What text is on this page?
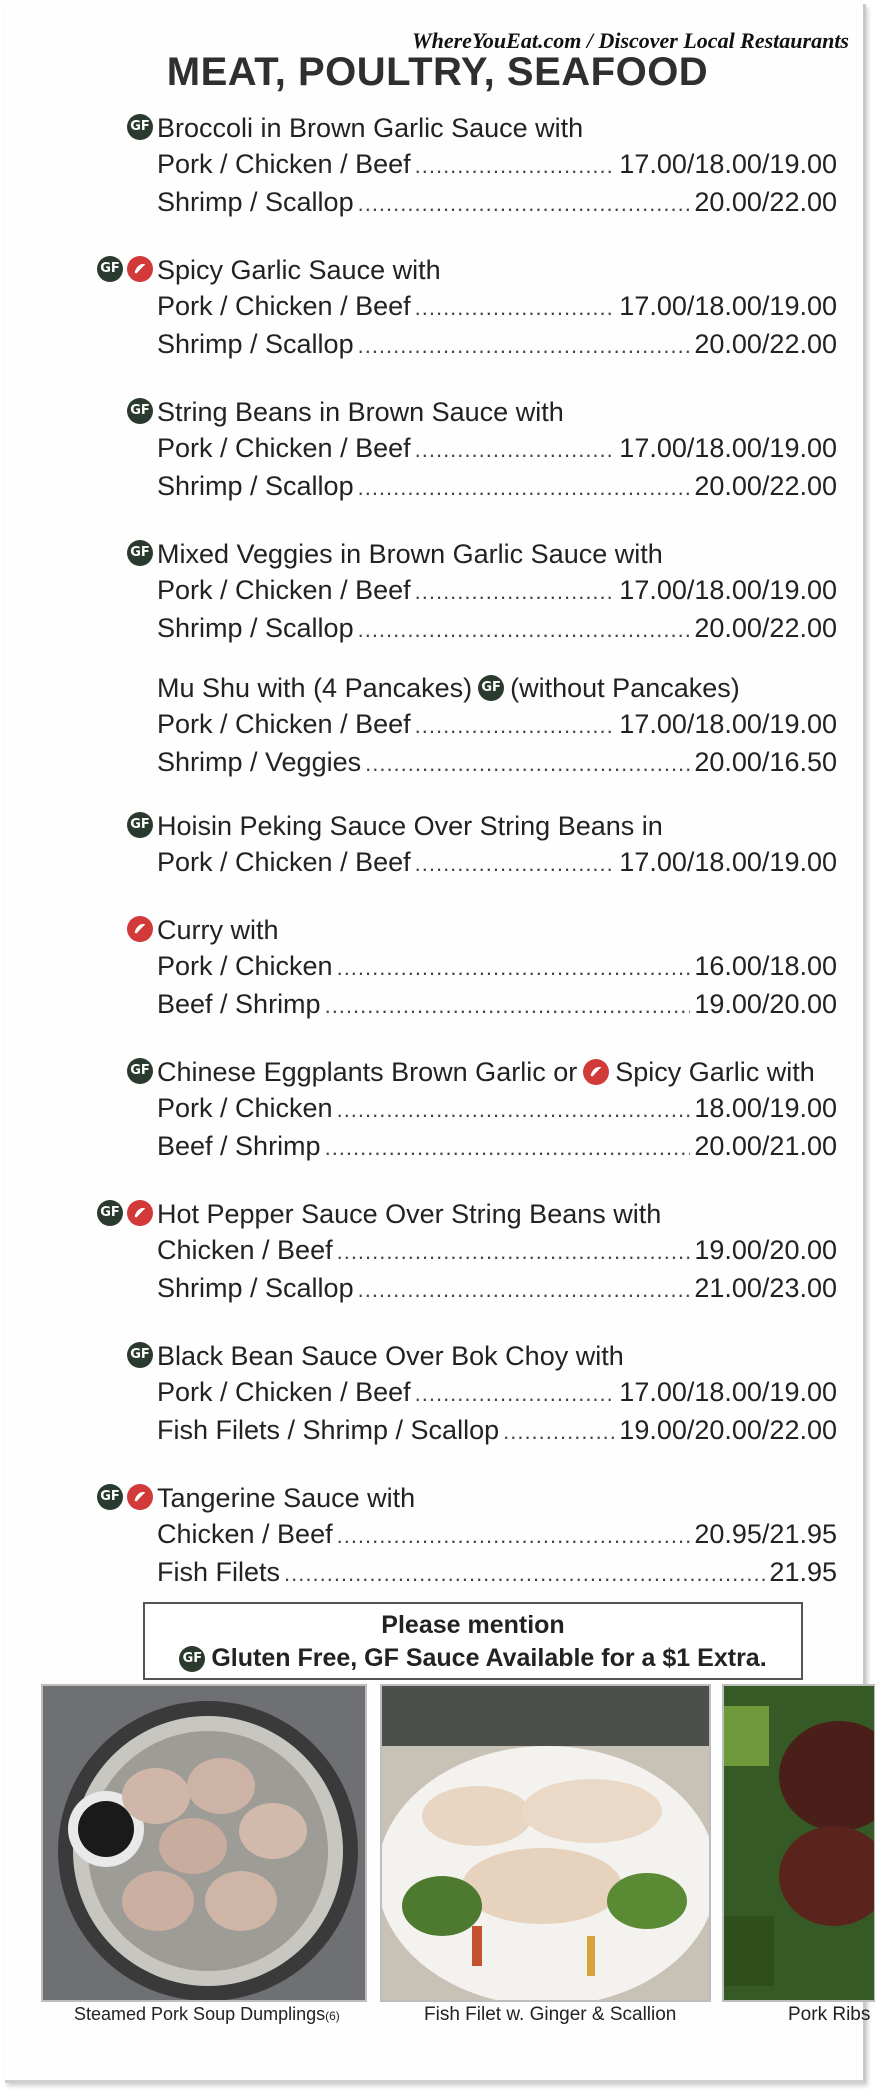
WhereYouEat.com / Discover Local Restaurants
MEAT, POULTRY, SEAFOOD
GF Broccoli in Brown Garlic Sauce with
Pork / Chicken / Beef .....	17.00/18.00/19.00
Shrimp / Scallop .....	20.00/22.00
GF Spicy Garlic Sauce with
Pork / Chicken / Beef .....	17.00/18.00/19.00
Shrimp / Scallop .....	20.00/22.00
GF String Beans in Brown Sauce with
Pork / Chicken / Beef .....	17.00/18.00/19.00
Shrimp / Scallop .....	20.00/22.00
GF Mixed Veggies in Brown Garlic Sauce with
Pork / Chicken / Beef .....	17.00/18.00/19.00
Shrimp / Scallop .....	20.00/22.00
Mu Shu with (4 Pancakes) GF (without Pancakes)
Pork / Chicken / Beef .....	17.00/18.00/19.00
Shrimp / Veggies .....	20.00/16.50
GF Hoisin Peking Sauce Over String Beans in
Pork / Chicken / Beef .....	17.00/18.00/19.00
Curry with
Pork / Chicken .....	16.00/18.00
Beef / Shrimp .....	19.00/20.00
GF Chinese Eggplants Brown Garlic or Spicy Garlic with
Pork / Chicken .....	18.00/19.00
Beef / Shrimp .....	20.00/21.00
GF Hot Pepper Sauce Over String Beans with
Chicken / Beef .....	19.00/20.00
Shrimp / Scallop .....	21.00/23.00
GF Black Bean Sauce Over Bok Choy with
Pork / Chicken / Beef .....	17.00/18.00/19.00
Fish Filets / Shrimp / Scallop .....	19.00/20.00/22.00
GF Tangerine Sauce with
Chicken / Beef .....	20.95/21.95
Fish Filets .....	21.95
Please mention
GF Gluten Free, GF Sauce Available for a $1 Extra.
Steamed Pork Soup Dumplings(6)	Fish Filet w. Ginger & Scallion	Pork Ribs
